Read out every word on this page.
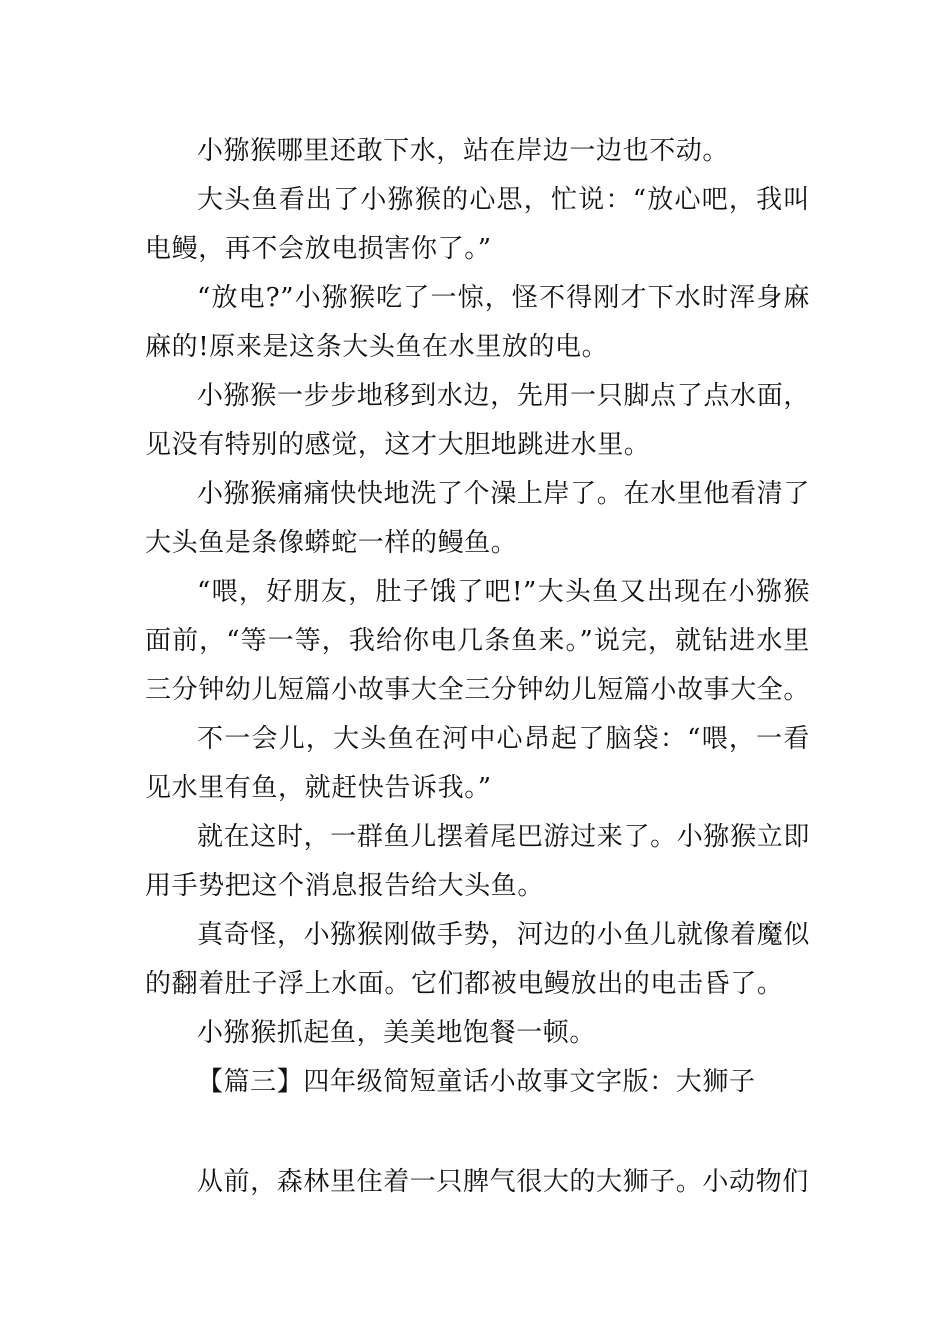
小猕猴哪里还敢下水，站在岸边一边也不动。

大头鱼看出了小猕猴的心思，忙说：“放心吧，我叫电鳗，再不会放电损害你了。”

“放电?”小猕猴吃了一惊，怪不得刚才下水时浑身麻麻的!原来是这条大头鱼在水里放的电。

小猕猴一步步地移到水边，先用一只脚点了点水面，见没有特别的感觉，这才大胆地跳进水里。

小猕猴痛痛快快地洗了个澡上岸了。在水里他看清了大头鱼是条像蟒蛇一样的鳗鱼。

“喂，好朋友，肚子饿了吧!”大头鱼又出现在小猕猴面前，“等一等，我给你电几条鱼来。”说完，就钻进水里三分钟幼儿短篇小故事大全三分钟幼儿短篇小故事大全。

不一会儿，大头鱼在河中心昂起了脑袋：“喂，一看见水里有鱼，就赶快告诉我。”

就在这时，一群鱼儿摆着尾巴游过来了。小猕猴立即用手势把这个消息报告给大头鱼。

真奇怪，小猕猴刚做手势，河边的小鱼儿就像着魔似的翻着肚子浮上水面。它们都被电鳗放出的电击昏了。

小猕猴抓起鱼，美美地饱餐一顿。

【篇三】四年级简短童话小故事文字版：大狮子

从前，森林里住着一只脾气很大的大狮子。小动物们
